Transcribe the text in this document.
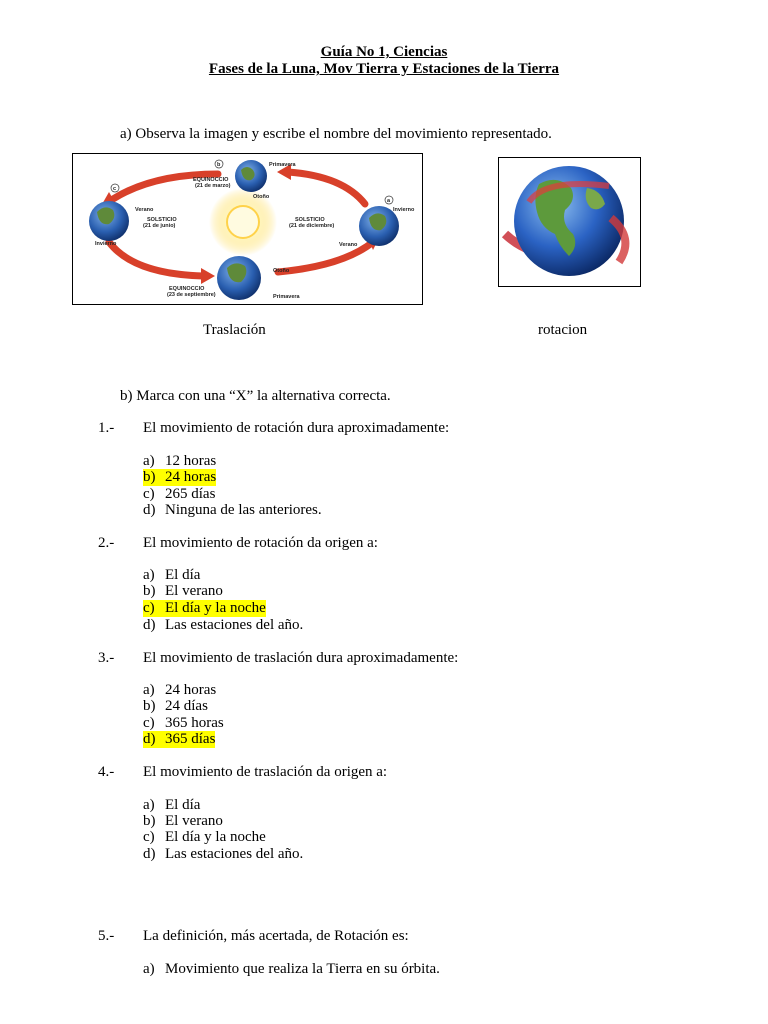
Guía No 1, Ciencias
Fases de la Luna, Mov Tierra y Estaciones de la Tierra
a) Observa la imagen y escribe el nombre del movimiento representado.
b
c
a
Primavera
EQUINOCCIO
(21 de marzo)
Otoño
Verano
SOLSTICIO
(21 de junio)
Invierno
SOLSTICIO
(21 de diciembre)
Invierno
Verano
Otoño
EQUINOCCIO
(23 de septiembre)	Primavera
Traslación	rotacion
b) Marca con una “X” la alternativa correcta.
1.- El movimiento de rotación dura aproximadamente:
a) 12 horas
b) 24 horas
c) 265 días
d) Ninguna de las anteriores.
2.- El movimiento de rotación da origen a:
a) El día
b) El verano
c) El día y la noche
d) Las estaciones del año.
3.- El movimiento de traslación dura aproximadamente:
a) 24 horas
b) 24 días
c) 365 horas
d) 365 días
4.- El movimiento de traslación da origen a:
a) El día
b) El verano
c) El día y la noche
d) Las estaciones del año.
5.- La definición, más acertada, de Rotación es:
a) Movimiento que realiza la Tierra en su órbita.
